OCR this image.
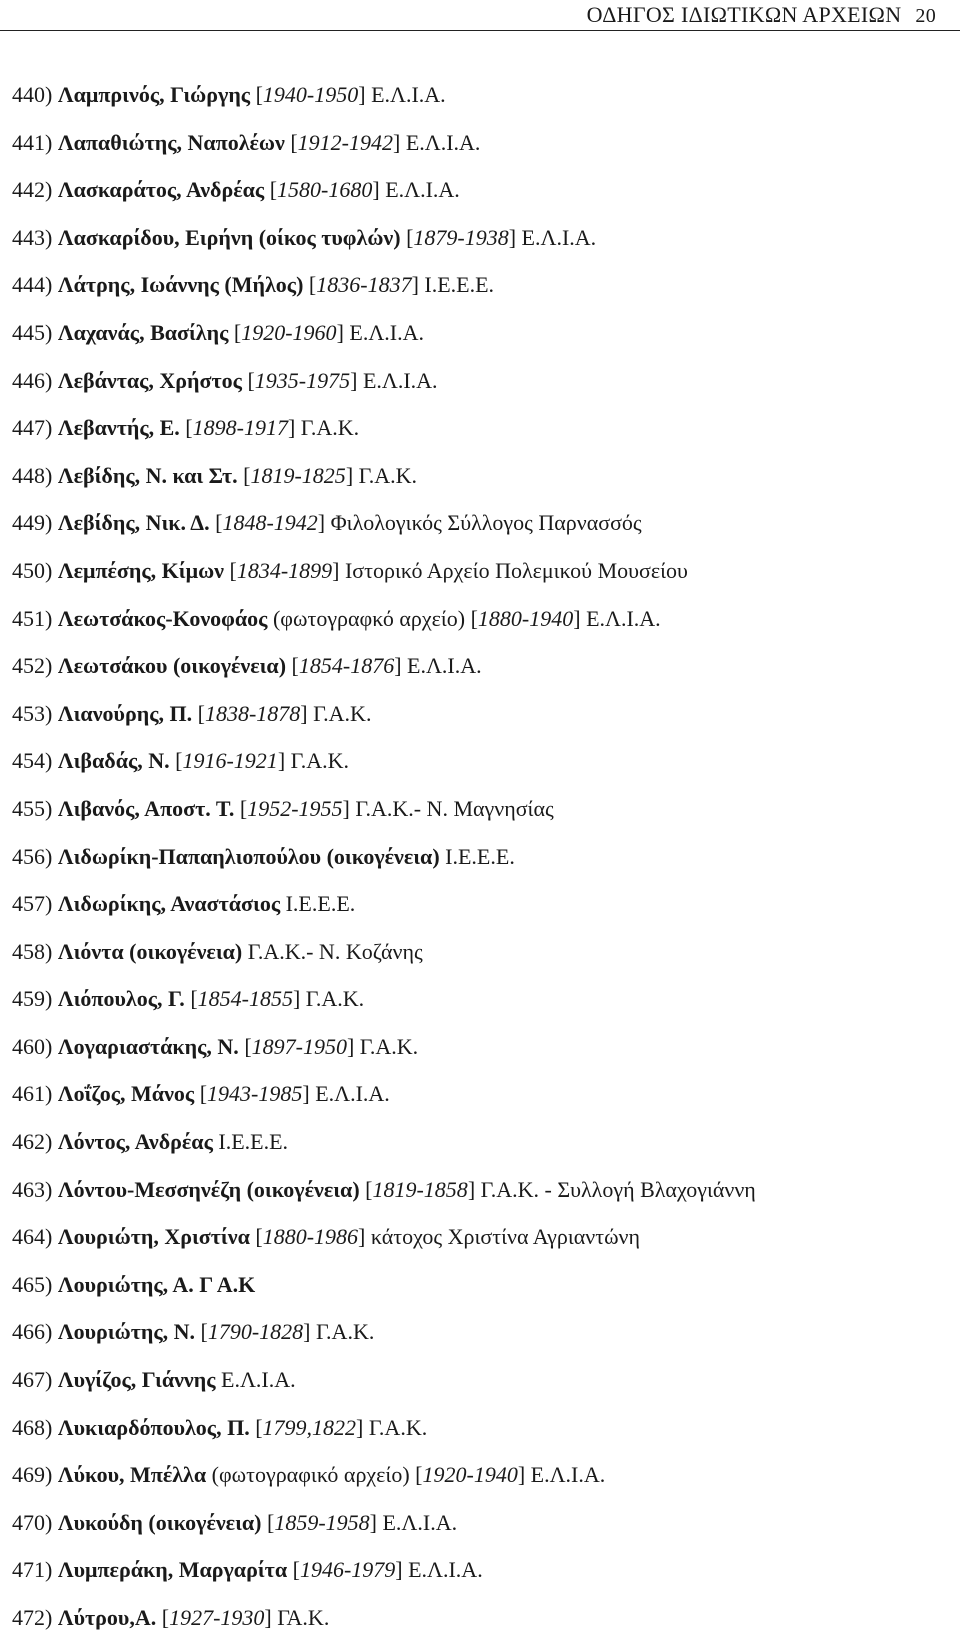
ΟΔΗΓΟΣ ΙΔΙΩΤΙΚΩΝ ΑΡΧΕΙΩΝ 20
440) Λαμπρινός, Γιώργης [1940-1950] Ε.Λ.Ι.Α.
441) Λαπαθιώτης, Ναπολέων [1912-1942] Ε.Λ.Ι.Α.
442) Λασκαράτος, Ανδρέας [1580-1680] Ε.Λ.Ι.Α.
443) Λασκαρίδου, Ειρήνη (οίκος τυφλών) [1879-1938] Ε.Λ.Ι.Α.
444) Λάτρης, Ιωάννης (Μήλος) [1836-1837] Ι.Ε.Ε.Ε.
445) Λαχανάς, Βασίλης [1920-1960] Ε.Λ.Ι.Α.
446) Λεβάντας, Χρήστος [1935-1975] Ε.Λ.Ι.Α.
447) Λεβαντής, Ε. [1898-1917] Γ.Α.Κ.
448) Λεβίδης, Ν. και Στ. [1819-1825] Γ.Α.Κ.
449) Λεβίδης, Νικ. Δ. [1848-1942] Φιλολογικός Σύλλογος Παρνασσός
450) Λεμπέσης, Κίμων [1834-1899] Ιστορικό Αρχείο Πολεμικού Μουσείου
451) Λεωτσάκος-Κονοφάος (φωτογραφκό αρχείο) [1880-1940] Ε.Λ.Ι.Α.
452) Λεωτσάκου (οικογένεια) [1854-1876] Ε.Λ.Ι.Α.
453) Λιανούρης, Π. [1838-1878] Γ.Α.Κ.
454) Λιβαδάς, Ν. [1916-1921] Γ.Α.Κ.
455) Λιβανός, Αποστ. Τ. [1952-1955] Γ.Α.Κ.- Ν. Μαγνησίας
456) Λιδωρίκη-Παπαηλιοπούλου (οικογένεια) Ι.Ε.Ε.Ε.
457) Λιδωρίκης, Αναστάσιος Ι.Ε.Ε.Ε.
458) Λιόντα (οικογένεια) Γ.Α.Κ.- Ν. Κοζάνης
459) Λιόπουλος, Γ. [1854-1855] Γ.Α.Κ.
460) Λογαριαστάκης, Ν. [1897-1950] Γ.Α.Κ.
461) Λοΐζος, Μάνος [1943-1985] Ε.Λ.Ι.Α.
462) Λόντος, Ανδρέας Ι.Ε.Ε.Ε.
463) Λόντου-Μεσσηνέζη (οικογένεια) [1819-1858] Γ.Α.Κ. - Συλλογή Βλαχογιάννη
464) Λουριώτη, Χριστίνα [1880-1986] κάτοχος Χριστίνα Αγριαντώνη
465) Λουριώτης, Α. Γ Α.Κ
466) Λουριώτης, Ν. [1790-1828] Γ.Α.Κ.
467) Λυγίζος, Γιάννης Ε.Λ.Ι.Α.
468) Λυκιαρδόπουλος, Π. [1799,1822] Γ.Α.Κ.
469) Λύκου, Μπέλλα (φωτογραφικό αρχείο) [1920-1940] Ε.Λ.Ι.Α.
470) Λυκούδη (οικογένεια) [1859-1958] Ε.Λ.Ι.Α.
471) Λυμπεράκη, Μαργαρίτα [1946-1979] Ε.Λ.Ι.Α.
472) Λύτρου,Α. [1927-1930] ΓΑ.Κ.
